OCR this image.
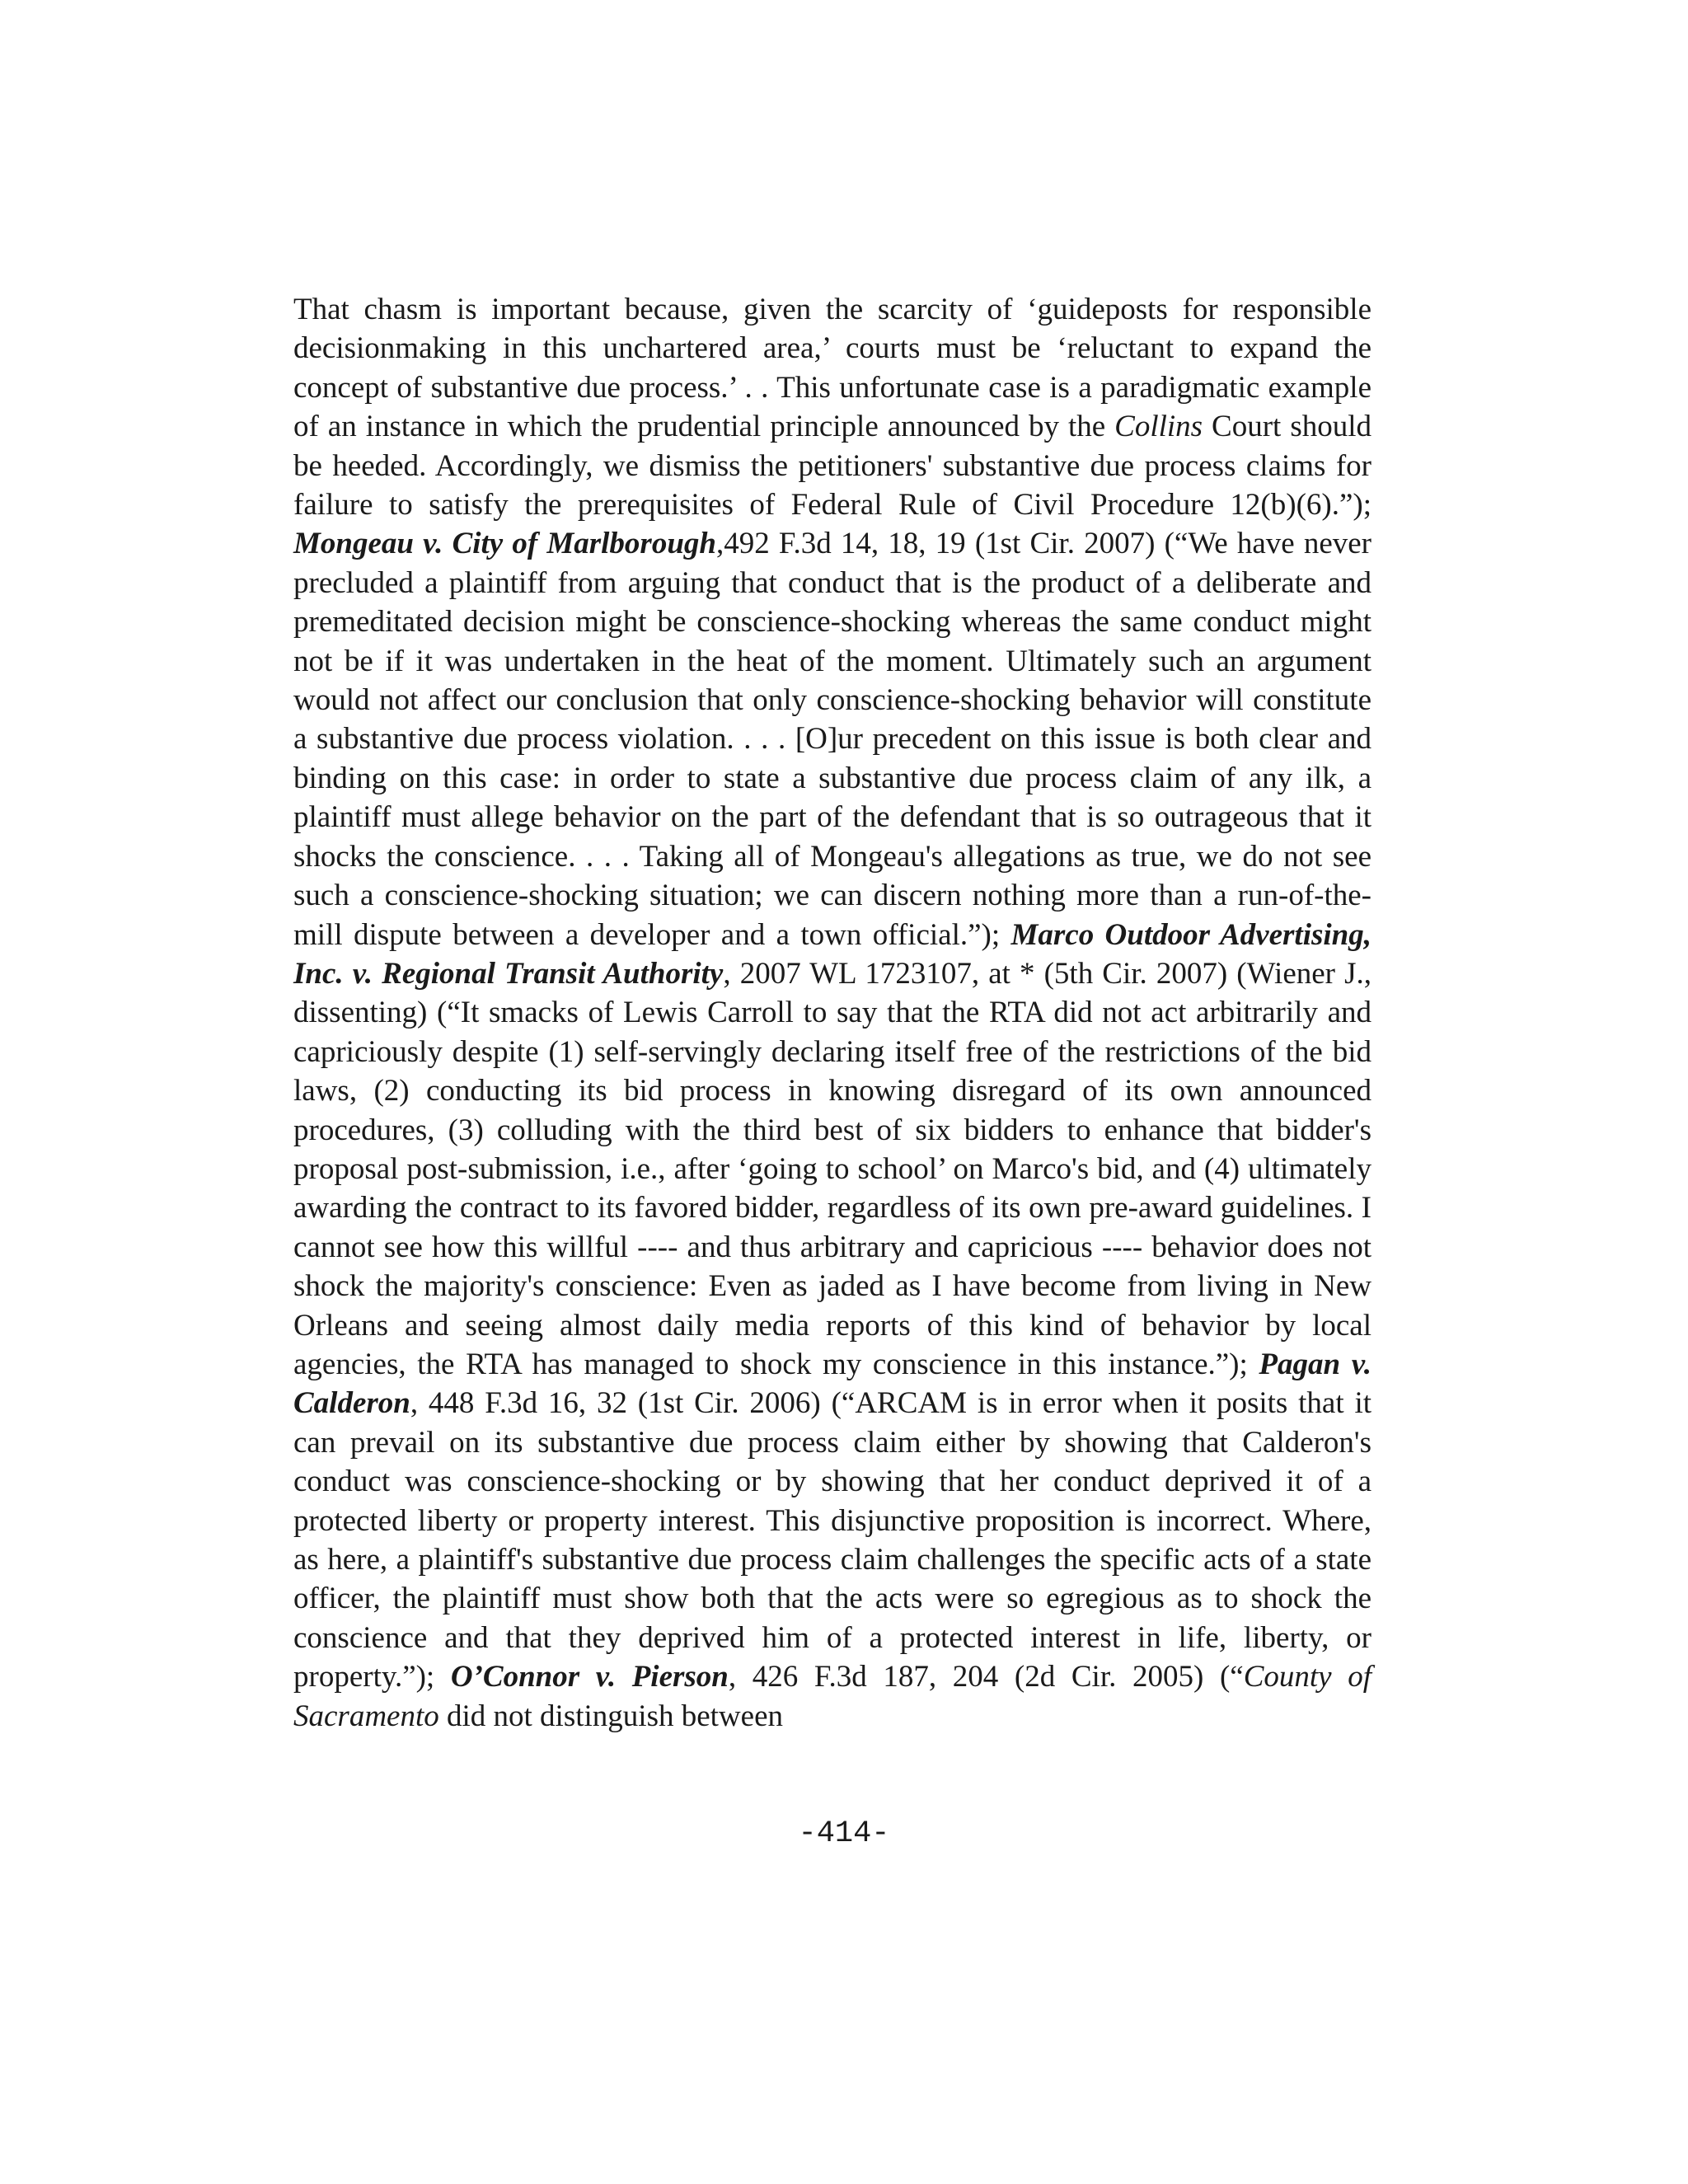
That chasm is important because, given the scarcity of ‘guideposts for responsible decisionmaking in this unchartered area,’ courts must be ‘reluctant to expand the concept of substantive due process.’ . . This unfortunate case is a paradigmatic example of an instance in which the prudential principle announced by the Collins Court should be heeded. Accordingly, we dismiss the petitioners' substantive due process claims for failure to satisfy the prerequisites of Federal Rule of Civil Procedure 12(b)(6).”); Mongeau v. City of Marlborough,492 F.3d 14, 18, 19 (1st Cir. 2007) (“We have never precluded a plaintiff from arguing that conduct that is the product of a deliberate and premeditated decision might be conscience-shocking whereas the same conduct might not be if it was undertaken in the heat of the moment. Ultimately such an argument would not affect our conclusion that only conscience-shocking behavior will constitute a substantive due process violation. . . . [O]ur precedent on this issue is both clear and binding on this case: in order to state a substantive due process claim of any ilk, a plaintiff must allege behavior on the part of the defendant that is so outrageous that it shocks the conscience. . . . Taking all of Mongeau's allegations as true, we do not see such a conscience-shocking situation; we can discern nothing more than a run-of-the-mill dispute between a developer and a town official.”); Marco Outdoor Advertising, Inc. v. Regional Transit Authority, 2007 WL 1723107, at * (5th Cir. 2007) (Wiener J., dissenting) (“It smacks of Lewis Carroll to say that the RTA did not act arbitrarily and capriciously despite (1) self-servingly declaring itself free of the restrictions of the bid laws, (2) conducting its bid process in knowing disregard of its own announced procedures, (3) colluding with the third best of six bidders to enhance that bidder's proposal post-submission, i.e., after ‘going to school’ on Marco's bid, and (4) ultimately awarding the contract to its favored bidder, regardless of its own pre-award guidelines. I cannot see how this willful ---- and thus arbitrary and capricious ---- behavior does not shock the majority's conscience: Even as jaded as I have become from living in New Orleans and seeing almost daily media reports of this kind of behavior by local agencies, the RTA has managed to shock my conscience in this instance.”); Pagan v. Calderon, 448 F.3d 16, 32 (1st Cir. 2006) (“ARCAM is in error when it posits that it can prevail on its substantive due process claim either by showing that Calderon's conduct was conscience-shocking or by showing that her conduct deprived it of a protected liberty or property interest. This disjunctive proposition is incorrect. Where, as here, a plaintiff's substantive due process claim challenges the specific acts of a state officer, the plaintiff must show both that the acts were so egregious as to shock the conscience and that they deprived him of a protected interest in life, liberty, or property.”); O’Connor v. Pierson, 426 F.3d 187, 204 (2d Cir. 2005) (“County of Sacramento did not distinguish between

-414-
